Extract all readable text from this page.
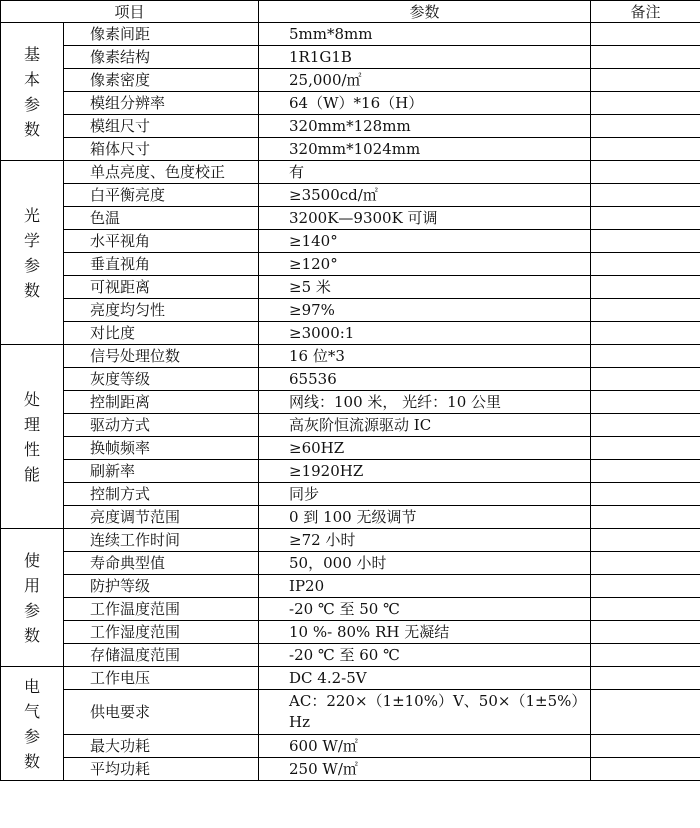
项目		参数	备注

基
本
参
数	像素间距	5mm*8mm	
	像素结构	1R1G1B	
	像素密度	25,000/㎡	
	模组分辨率	64（W）*16（H）	
	模组尺寸	320mm*128mm	
	箱体尺寸	320mm*1024mm	

光
学
参
数	单点亮度、色度校正	有	
	白平衡亮度	≥3500cd/㎡	
	色温	3200K—9300K 可调	
	水平视角	≥140°	
	垂直视角	≥120°	
	可视距离	≥5 米	
	亮度均匀性	≥97%	
	对比度	≥3000:1	

处
理
性
能	信号处理位数	16 位*3	
	灰度等级	65536	
	控制距离	网线：100 米， 光纤：10 公里	
	驱动方式	高灰阶恒流源驱动 IC	
	换帧频率	≥60HZ	
	刷新率	≥1920HZ	
	控制方式	同步	
	亮度调节范围	0 到 100 无级调节	

使
用
参
数	连续工作时间	≥72 小时	
	寿命典型值	50，000 小时	
	防护等级	IP20	
	工作温度范围	-20 ℃ 至 50 ℃	
	工作湿度范围	10 %- 80% RH 无凝结	
	存储温度范围	-20 ℃ 至 60 ℃	

电
气
参
数	工作电压	DC 4.2-5V	
	供电要求	AC：220×（1±10%）V、50×（1±5%）Hz	
	最大功耗	600 W/㎡	
	平均功耗	250 W/㎡	
